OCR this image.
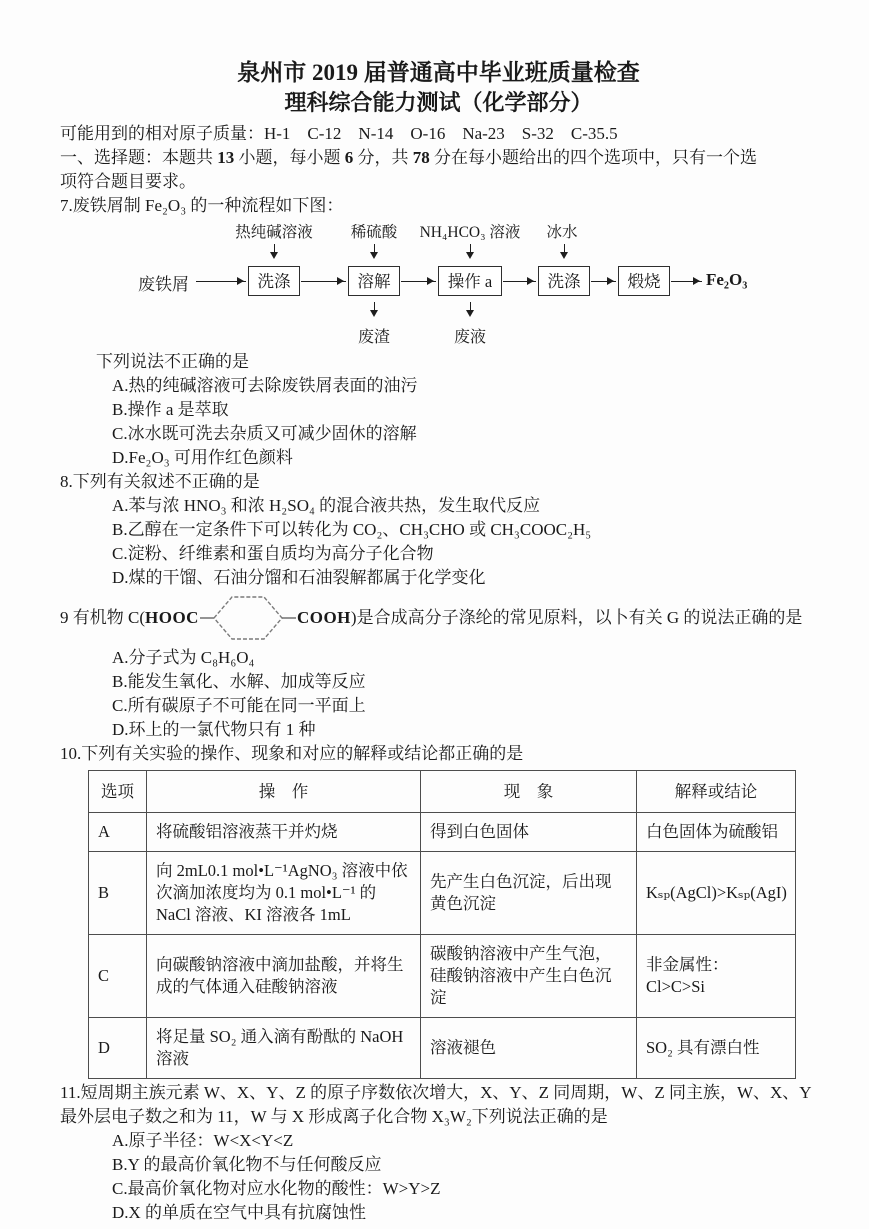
泉州市 2019 届普通高中毕业班质量检查
理科综合能力测试（化学部分）

可能用到的相对原子质量：H-1　C-12　N-14　O-16　Na-23　S-32　C-35.5

一、选择题：本题共 13 小题，每小题 6 分，共 78 分在每小题给出的四个选项中，只有一个选

项符合题目要求。

7.废铁屑制 Fe₂O₃ 的一种流程如下图：

热纯碱溶液	稀硫酸	NH₄HCO₃ 溶液	冰水
废铁屑	洗涤	溶解	操作 a	洗涤	煅烧	Fe₂O₃
废渣	废液

下列说法不正确的是

A.热的纯碱溶液可去除废铁屑表面的油污

B.操作 a 是萃取

C.冰水既可洗去杂质又可减少固休的溶解

D.Fe₂O₃ 可用作红色颜料

8.下列有关叙述不正确的是

A.苯与浓 HNO₃ 和浓 H₂SO₄ 的混合液共热，发生取代反应

B.乙醇在一定条件下可以转化为 CO₂、CH₃CHO 或 CH₃COOC₂H₅

C.淀粉、纤维素和蛋自质均为高分子化合物

D.煤的干馏、石油分馏和石油裂解都属于化学变化

9 有机物 C( HOOC	COOH )是合成高分子涤纶的常见原料，以卜有关 G 的说法正确的是

A.分子式为 C₈H₆O₄

B.能发生氧化、水解、加成等反应

C.所有碳原子不可能在同一平面上

D.环上的一氯代物只有 1 种

10.下列有关实验的操作、现象和对应的解释或结论都正确的是

选项	操　作	现　象	解释或结论
A	将硫酸铝溶液蒸干并灼烧	得到白色固体	白色固体为硫酸铝
B	向 2mL0.1 mol•L⁻¹AgNO₃ 溶液中依次滴加浓度均为 0.1 mol•L⁻¹ 的 NaCl 溶液、KI 溶液各 1mL	先产生白色沉淀，后出现黄色沉淀	Kₛₚ(AgCl)>Kₛₚ(AgI)
C	向碳酸钠溶液中滴加盐酸，并将生成的气体通入硅酸钠溶液	碳酸钠溶液中产生气泡，硅酸钠溶液中产生白色沉淀	非金属性：Cl>C>Si
D	将足量 SO₂ 通入滴有酚酞的 NaOH 溶液	溶液褪色	SO₂ 具有漂白性

11.短周期主族元素 W、X、Y、Z 的原子序数依次增大，X、Y、Z 同周期，W、Z 同主族，W、X、Y 最外层电子数之和为 11，W 与 X 形成离子化合物 X₃W₂下列说法正确的是

A.原子半径：W<X<Y<Z

B.Y 的最高价氧化物不与任何酸反应

C.最高价氧化物对应水化物的酸性：W>Y>Z

D.X 的单质在空气中具有抗腐蚀性
